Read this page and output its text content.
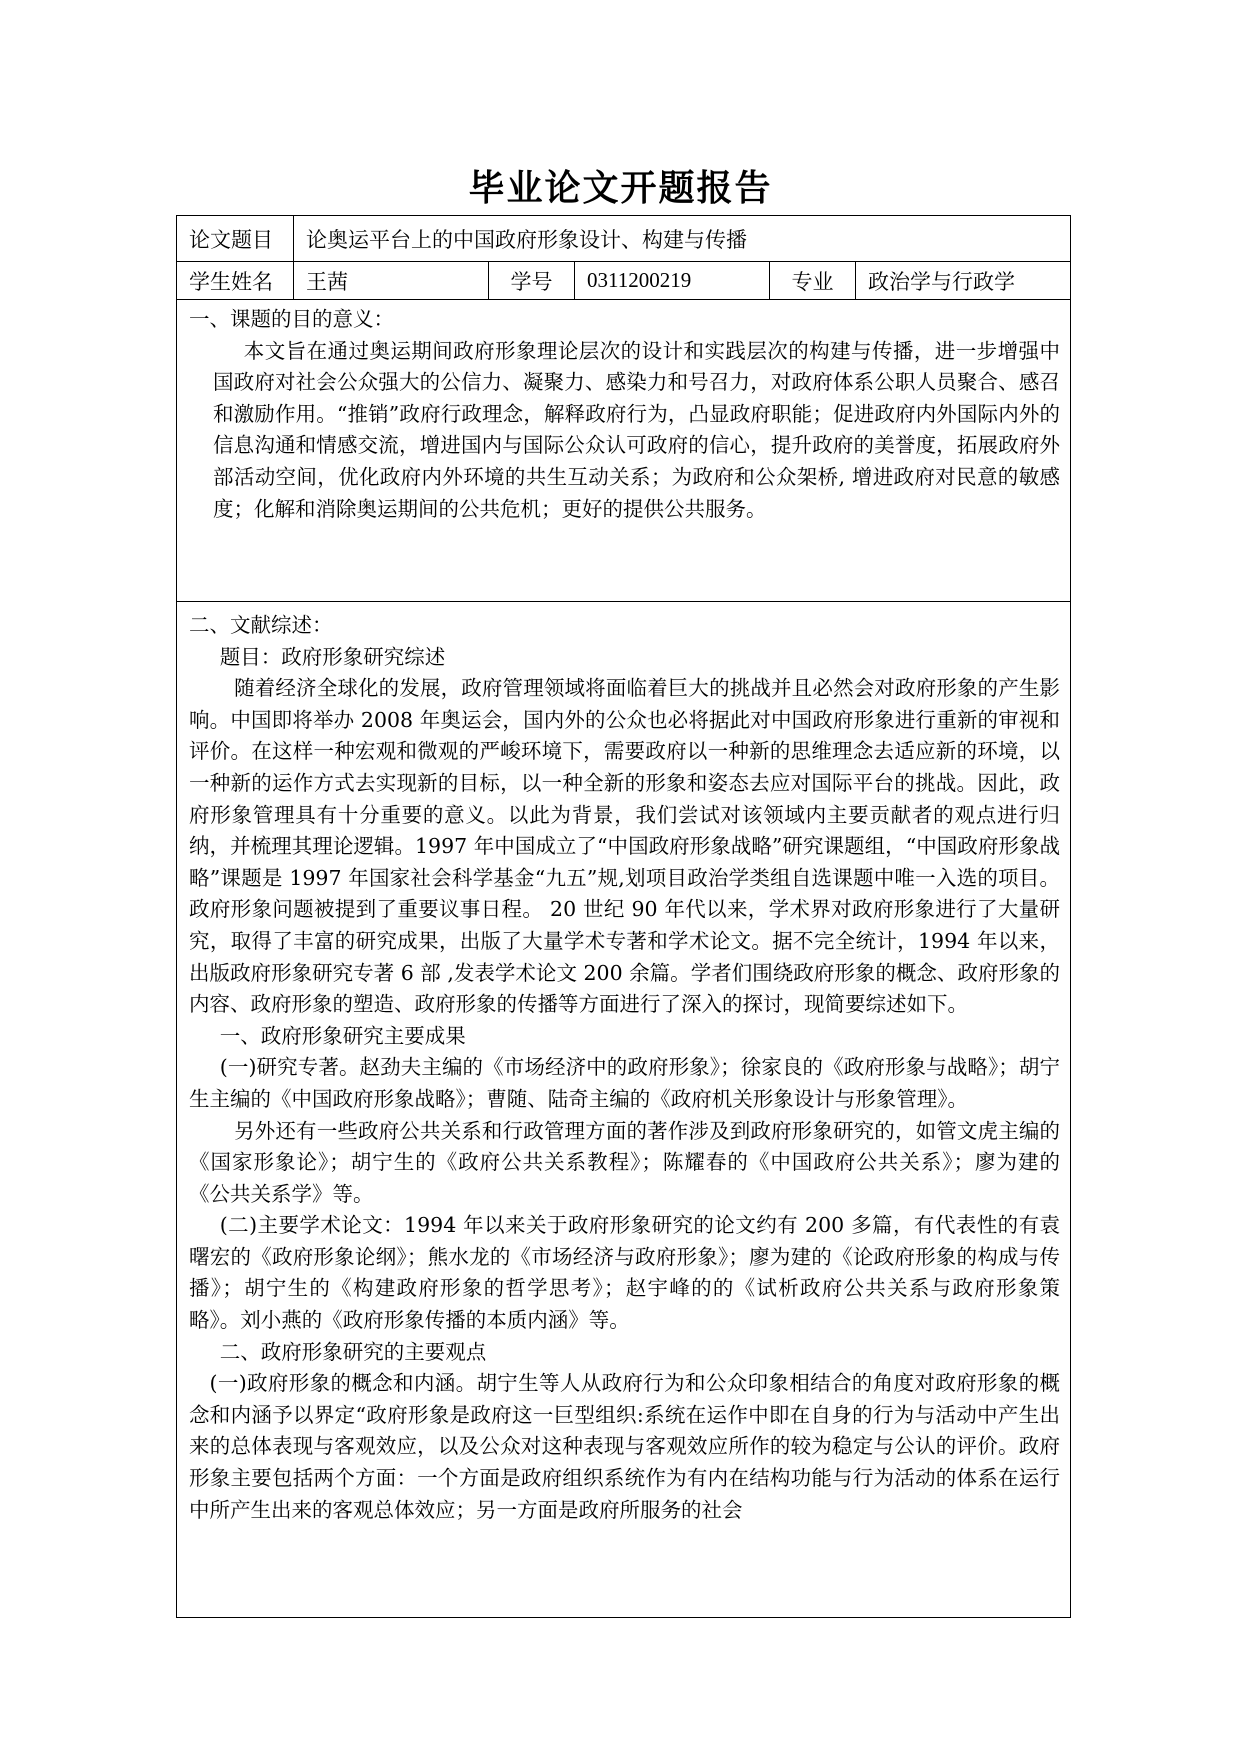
毕业论文开题报告
论文题目	论奥运平台上的中国政府形象设计、构建与传播
学生姓名	王茜	学号	0311200219	专业	政治学与行政学

一、课题的目的意义：

本文旨在通过奥运期间政府形象理论层次的设计和实践层次的构建与传播，进一步增强中国政府对社会公众强大的公信力、凝聚力、感染力和号召力，对政府体系公职人员聚合、感召和激励作用。“推销”政府行政理念，解释政府行为，凸显政府职能；促进政府内外国际内外的信息沟通和情感交流，增进国内与国际公众认可政府的信心，提升政府的美誉度，拓展政府外部活动空间，优化政府内外环境的共生互动关系；为政府和公众架桥, 增进政府对民意的敏感度；化解和消除奥运期间的公共危机；更好的提供公共服务。

二、文献综述：

题目：政府形象研究综述

随着经济全球化的发展，政府管理领域将面临着巨大的挑战并且必然会对政府形象的产生影响。中国即将举办 2008 年奥运会，国内外的公众也必将据此对中国政府形象进行重新的审视和评价。在这样一种宏观和微观的严峻环境下，需要政府以一种新的思维理念去适应新的环境，以一种新的运作方式去实现新的目标，以一种全新的形象和姿态去应对国际平台的挑战。因此，政府形象管理具有十分重要的意义。以此为背景，我们尝试对该领域内主要贡献者的观点进行归纳，并梳理其理论逻辑。1997 年中国成立了“中国政府形象战略”研究课题组，“中国政府形象战略”课题是 1997 年国家社会科学基金“九五”规,划项目政治学类组自选课题中唯一入选的项目。政府形象问题被提到了重要议事日程。 20 世纪 90 年代以来，学术界对政府形象进行了大量研究，取得了丰富的研究成果，出版了大量学术专著和学术论文。据不完全统计，1994 年以来，出版政府形象研究专著 6 部 ,发表学术论文 200 余篇。学者们围绕政府形象的概念、政府形象的内容、政府形象的塑造、政府形象的传播等方面进行了深入的探讨，现简要综述如下。

一、政府形象研究主要成果

(一)研究专著。赵劲夫主编的《市场经济中的政府形象》；徐家良的《政府形象与战略》；胡宁生主编的《中国政府形象战略》；曹随、陆奇主编的《政府机关形象设计与形象管理》。

另外还有一些政府公共关系和行政管理方面的著作涉及到政府形象研究的，如管文虎主编的《国家形象论》；胡宁生的《政府公共关系教程》；陈耀春的《中国政府公共关系》；廖为建的《公共关系学》等。

(二)主要学术论文：1994 年以来关于政府形象研究的论文约有 200 多篇，有代表性的有袁曙宏的《政府形象论纲》；熊水龙的《市场经济与政府形象》；廖为建的《论政府形象的构成与传播》；胡宁生的《构建政府形象的哲学思考》；赵宇峰的的《试析政府公共关系与政府形象策略》。刘小燕的《政府形象传播的本质内涵》等。

二、政府形象研究的主要观点

(一)政府形象的概念和内涵。胡宁生等人从政府行为和公众印象相结合的角度对政府形象的概念和内涵予以界定“政府形象是政府这一巨型组织:系统在运作中即在自身的行为与活动中产生出来的总体表现与客观效应，以及公众对这种表现与客观效应所作的较为稳定与公认的评价。政府形象主要包括两个方面：一个方面是政府组织系统作为有内在结构功能与行为活动的体系在运行中所产生出来的客观总体效应；另一方面是政府所服务的社会
